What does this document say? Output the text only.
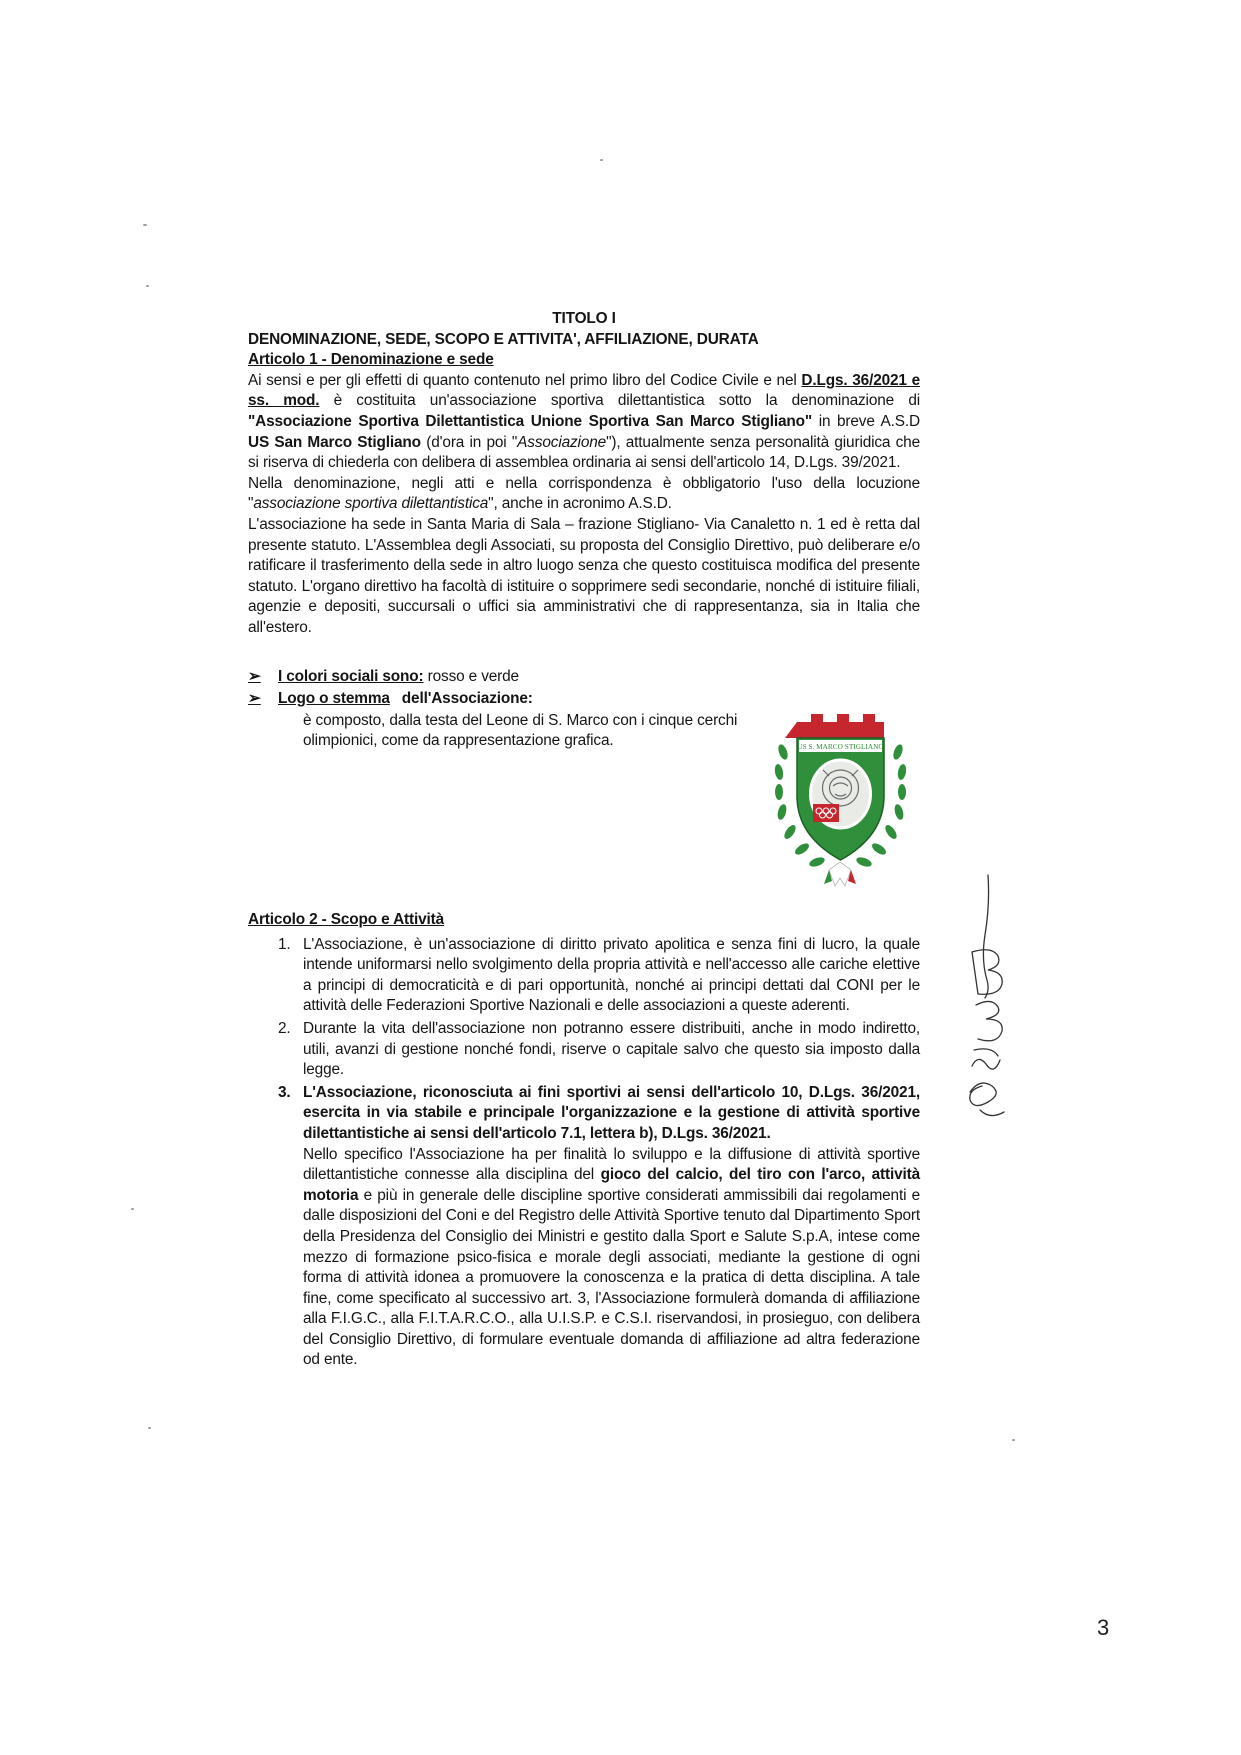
TITOLO I
DENOMINAZIONE, SEDE, SCOPO E ATTIVITA', AFFILIAZIONE, DURATA
Articolo 1 - Denominazione e sede

Ai sensi e per gli effetti di quanto contenuto nel primo libro del Codice Civile e nel D.Lgs. 36/2021 e ss. mod. è costituita un'associazione sportiva dilettantistica sotto la denominazione di "Associazione Sportiva Dilettantistica Unione Sportiva San Marco Stigliano" in breve A.S.D US San Marco Stigliano (d'ora in poi "Associazione"), attualmente senza personalità giuridica che si riserva di chiederla con delibera di assemblea ordinaria ai sensi dell'articolo 14, D.Lgs. 39/2021.

Nella denominazione, negli atti e nella corrispondenza è obbligatorio l'uso della locuzione "associazione sportiva dilettantistica", anche in acronimo A.S.D.

L'associazione ha sede in Santa Maria di Sala – frazione Stigliano- Via Canaletto n. 1 ed è retta dal presente statuto. L'Assemblea degli Associati, su proposta del Consiglio Direttivo, può deliberare e/o ratificare il trasferimento della sede in altro luogo senza che questo costituisca modifica del presente statuto. L'organo direttivo ha facoltà di istituire o sopprimere sedi secondarie, nonché di istituire filiali, agenzie e depositi, succursali o uffici sia amministrativi che di rappresentanza, sia in Italia che all'estero.

➢ I colori sociali sono: rosso e verde
➢ Logo o stemma dell'Associazione:
è composto, dalla testa del Leone di S. Marco con i cinque cerchi olimpionici, come da rappresentazione grafica.	US S. MARCO STIGLIANO
Articolo 2 - Scopo e Attività
1. L'Associazione, è un'associazione di diritto privato apolitica e senza fini di lucro, la quale intende uniformarsi nello svolgimento della propria attività e nell'accesso alle cariche elettive a principi di democraticità e di pari opportunità, nonché ai principi dettati dal CONI per le attività delle Federazioni Sportive Nazionali e delle associazioni a queste aderenti.
2. Durante la vita dell'associazione non potranno essere distribuiti, anche in modo indiretto, utili, avanzi di gestione nonché fondi, riserve o capitale salvo che questo sia imposto dalla legge.
3. L'Associazione, riconosciuta ai fini sportivi ai sensi dell'articolo 10, D.Lgs. 36/2021, esercita in via stabile e principale l'organizzazione e la gestione di attività sportive dilettantistiche ai sensi dell'articolo 7.1, lettera b), D.Lgs. 36/2021.
Nello specifico l'Associazione ha per finalità lo sviluppo e la diffusione di attività sportive dilettantistiche connesse alla disciplina del gioco del calcio, del tiro con l'arco, attività motoria e più in generale delle discipline sportive considerati ammissibili dai regolamenti e dalle disposizioni del Coni e del Registro delle Attività Sportive tenuto dal Dipartimento Sport della Presidenza del Consiglio dei Ministri e gestito dalla Sport e Salute S.p.A, intese come mezzo di formazione psico-fisica e morale degli associati, mediante la gestione di ogni forma di attività idonea a promuovere la conoscenza e la pratica di detta disciplina. A tale fine, come specificato al successivo art. 3, l'Associazione formulerà domanda di affiliazione alla F.I.G.C., alla F.I.T.A.R.C.O., alla U.I.S.P. e C.S.I. riservandosi, in prosieguo, con delibera del Consiglio Direttivo, di formulare eventuale domanda di affiliazione ad altra federazione od ente.
3
